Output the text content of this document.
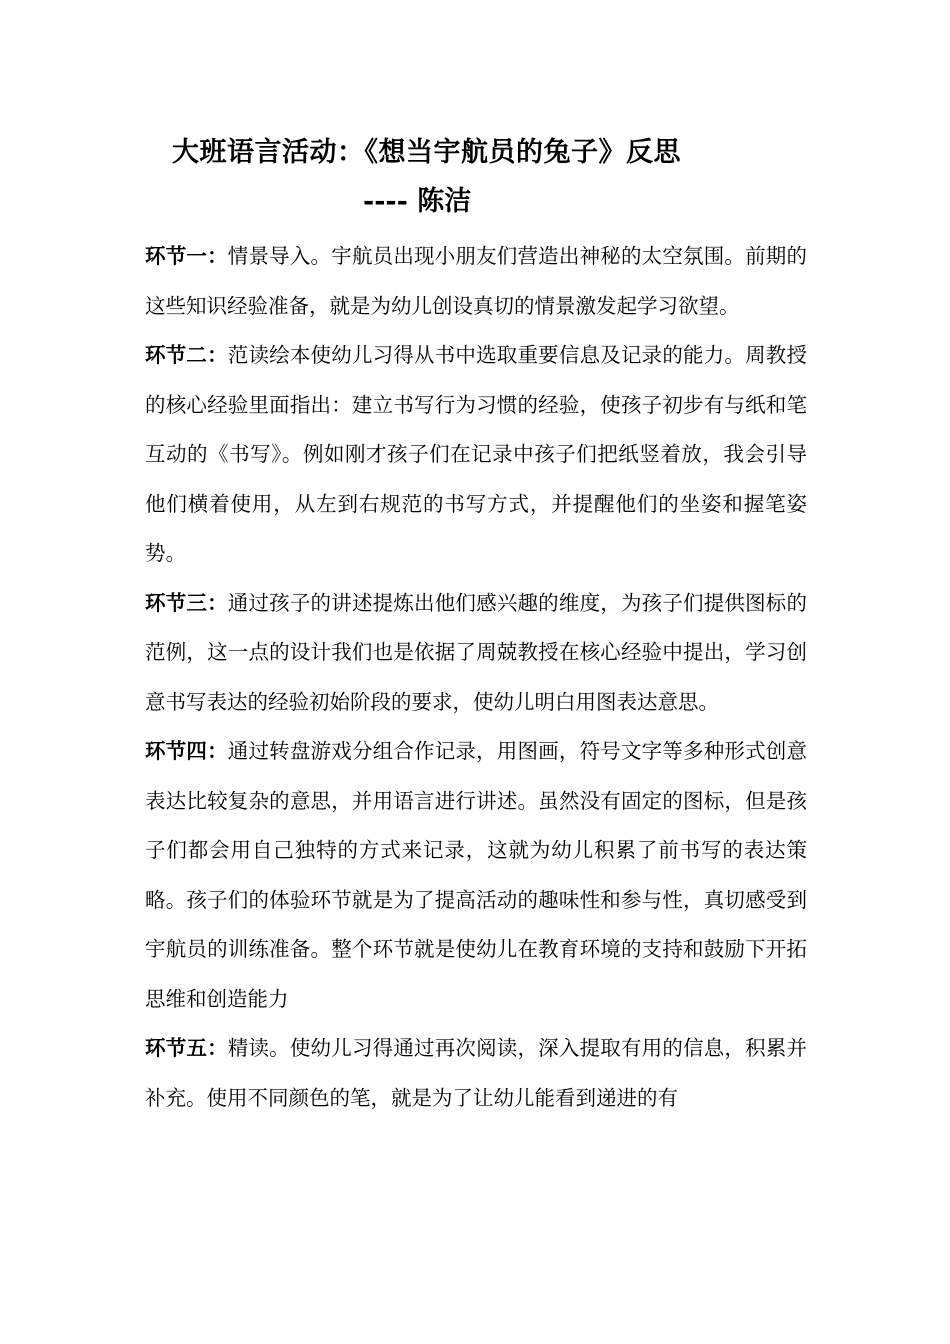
大班语言活动：《想当宇航员的兔子》反思
---- 陈洁

环节一：情景导入。宇航员出现小朋友们营造出神秘的太空氛围。前期的这些知识经验准备，就是为幼儿创设真切的情景激发起学习欲望。

环节二：范读绘本使幼儿习得从书中选取重要信息及记录的能力。周教授的核心经验里面指出：建立书写行为习惯的经验，使孩子初步有与纸和笔互动的《书写》。例如刚才孩子们在记录中孩子们把纸竖着放，我会引导他们横着使用，从左到右规范的书写方式，并提醒他们的坐姿和握笔姿势。

环节三：通过孩子的讲述提炼出他们感兴趣的维度，为孩子们提供图标的范例，这一点的设计我们也是依据了周兢教授在核心经验中提出，学习创意书写表达的经验初始阶段的要求，使幼儿明白用图表达意思。

环节四：通过转盘游戏分组合作记录，用图画，符号文字等多种形式创意表达比较复杂的意思，并用语言进行讲述。虽然没有固定的图标，但是孩子们都会用自己独特的方式来记录，这就为幼儿积累了前书写的表达策略。孩子们的体验环节就是为了提高活动的趣味性和参与性，真切感受到宇航员的训练准备。整个环节就是使幼儿在教育环境的支持和鼓励下开拓思维和创造能力

环节五：精读。使幼儿习得通过再次阅读，深入提取有用的信息，积累并补充。使用不同颜色的笔，就是为了让幼儿能看到递进的有
